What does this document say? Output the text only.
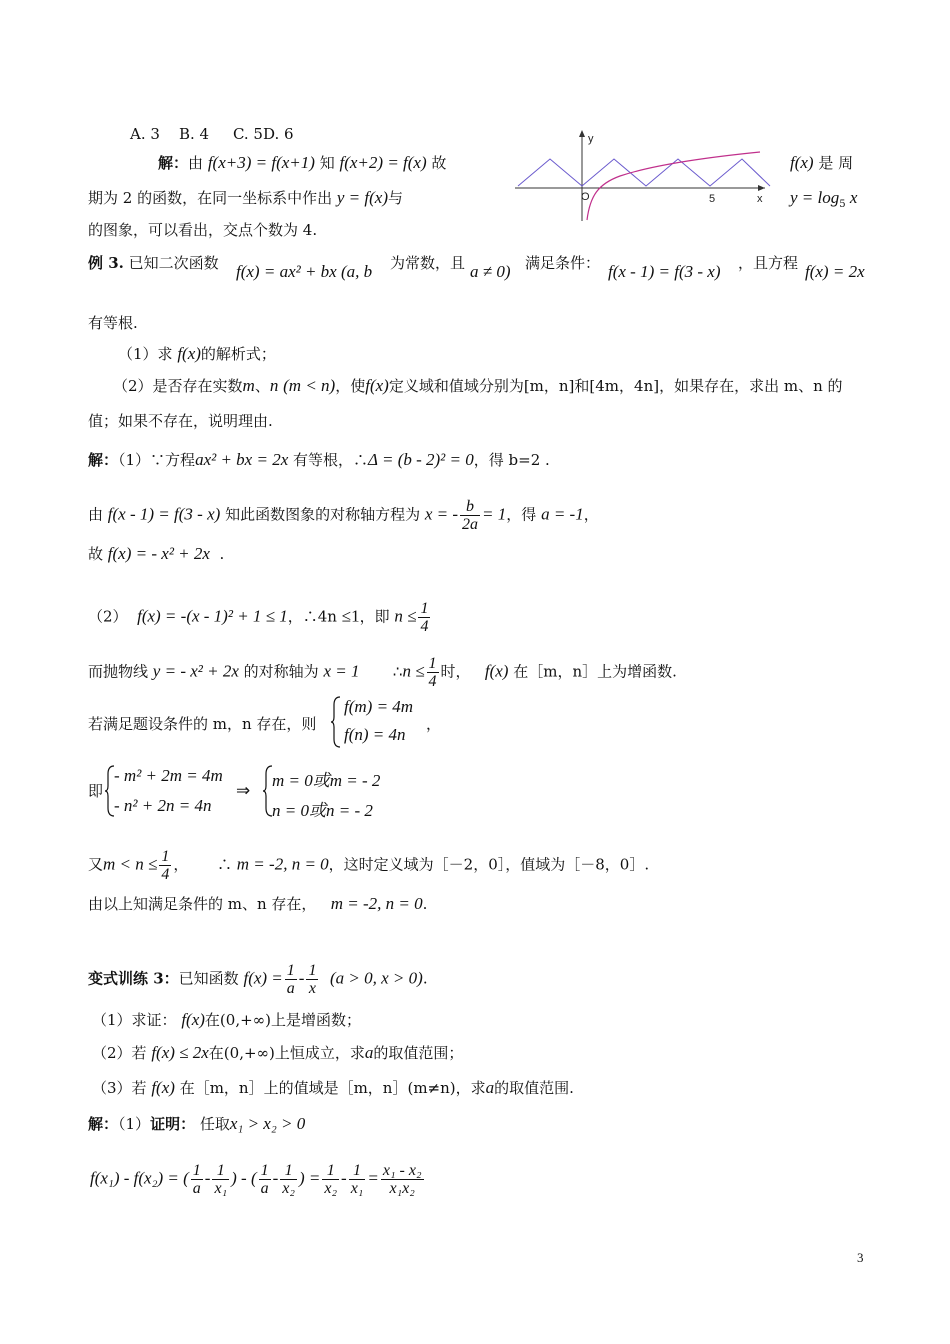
A. 3 B. 4 C. 5D. 6
解：由 f(x+3) = f(x+1) 知 f(x+2) = f(x) 故	f(x) 是 周
期为 2 的函数，在同一坐标系中作出 y = f(x)与	$y = \log_5 x$
的图象，可以看出，交点个数为 4.
y
x
O	5
例 3. 已知二次函数 f(x) = ax² + bx (a, b 为常数，且 a ≠ 0) 满足条件： f(x - 1) = f(3 - x) ，且方程 f(x) = 2x
有等根.
（1）求 f(x)的解析式；
（2）是否存在实数m、n (m < n)，使f(x)定义域和值域分别为[m，n]和[4m，4n]，如果存在，求出 m、n 的
值；如果不存在，说明理由.
解：（1）∵方程ax² + bx = 2x 有等根，∴Δ = (b - 2)² = 0，得 b=2 .
由 f(x - 1) = f(3 - x) 知此函数图象的对称轴方程为 x = - $\frac{b}{2a} = 1$，得 a = -1，
故 f(x) = - x² + 2x .
（2） f(x) = -(x - 1)² + 1 ≤ 1，∴4n ≤1，即 $n \le \frac{1}{4}$
而抛物线 y = - x² + 2x 的对称轴为 x = 1 ∴n ≤ $\frac{1}{4}$ 时， f(x) 在［m，n］上为增函数.
若满足题设条件的 m，n 存在，则
f(m) = 4m
f(n) = 4n
，
即
- m² + 2m = 4m
- n² + 2n = 4n
⇒
m = 0或m = - 2
n = 0或n = - 2
又$m < n \le \frac{1}{4}$ ， ∴ m = -2, n = 0，这时定义域为［－2，0］，值域为［－8，0］.
由以上知满足条件的 m、n 存在， m = -2, n = 0.
变式训练 3：已知函数 $f(x) = \frac{1}{a} - \frac{1}{x} (a > 0$, x > 0).
（1）求证： f(x)在(0,+∞)上是增函数；
（2）若 f(x) ≤ 2x在(0,+∞)上恒成立，求a的取值范围；
（3）若 f(x) 在［m，n］上的值域是［m，n］(m≠n)，求a的取值范围.
解：（1）证明： 任取x₁ > x₂ > 0
f(x₁) - f(x₂) = ( $\frac{1}{a} - \frac{1}{\text{x₁}}$ ) - ( $\frac{1}{a} - \frac{1}{\text{x₂}}$ ) = $\frac{1}{\text{x₂}} - \frac{1}{\text{x₁}} = \frac{\text{x₁ - x₂}}{\text{x₁x₂}}$
3
